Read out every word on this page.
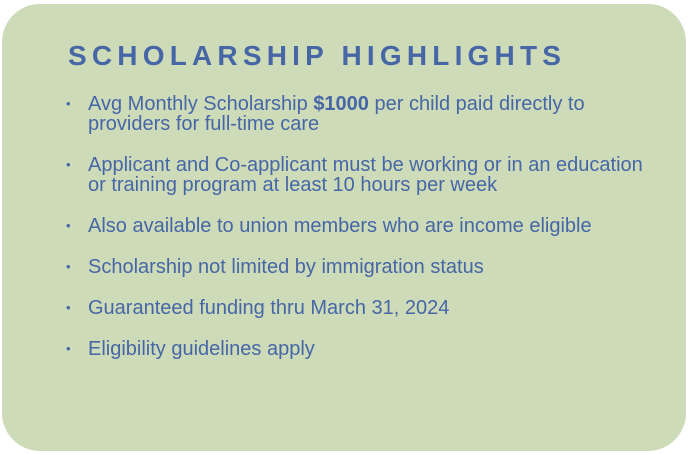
SCHOLARSHIP HIGHLIGHTS
• Avg Monthly Scholarship $1000 per child paid directly to providers for full-time care
• Applicant and Co-applicant must be working or in an education or training program at least 10 hours per week
• Also available to union members who are income eligible
• Scholarship not limited by immigration status
• Guaranteed funding thru March 31, 2024
• Eligibility guidelines apply
